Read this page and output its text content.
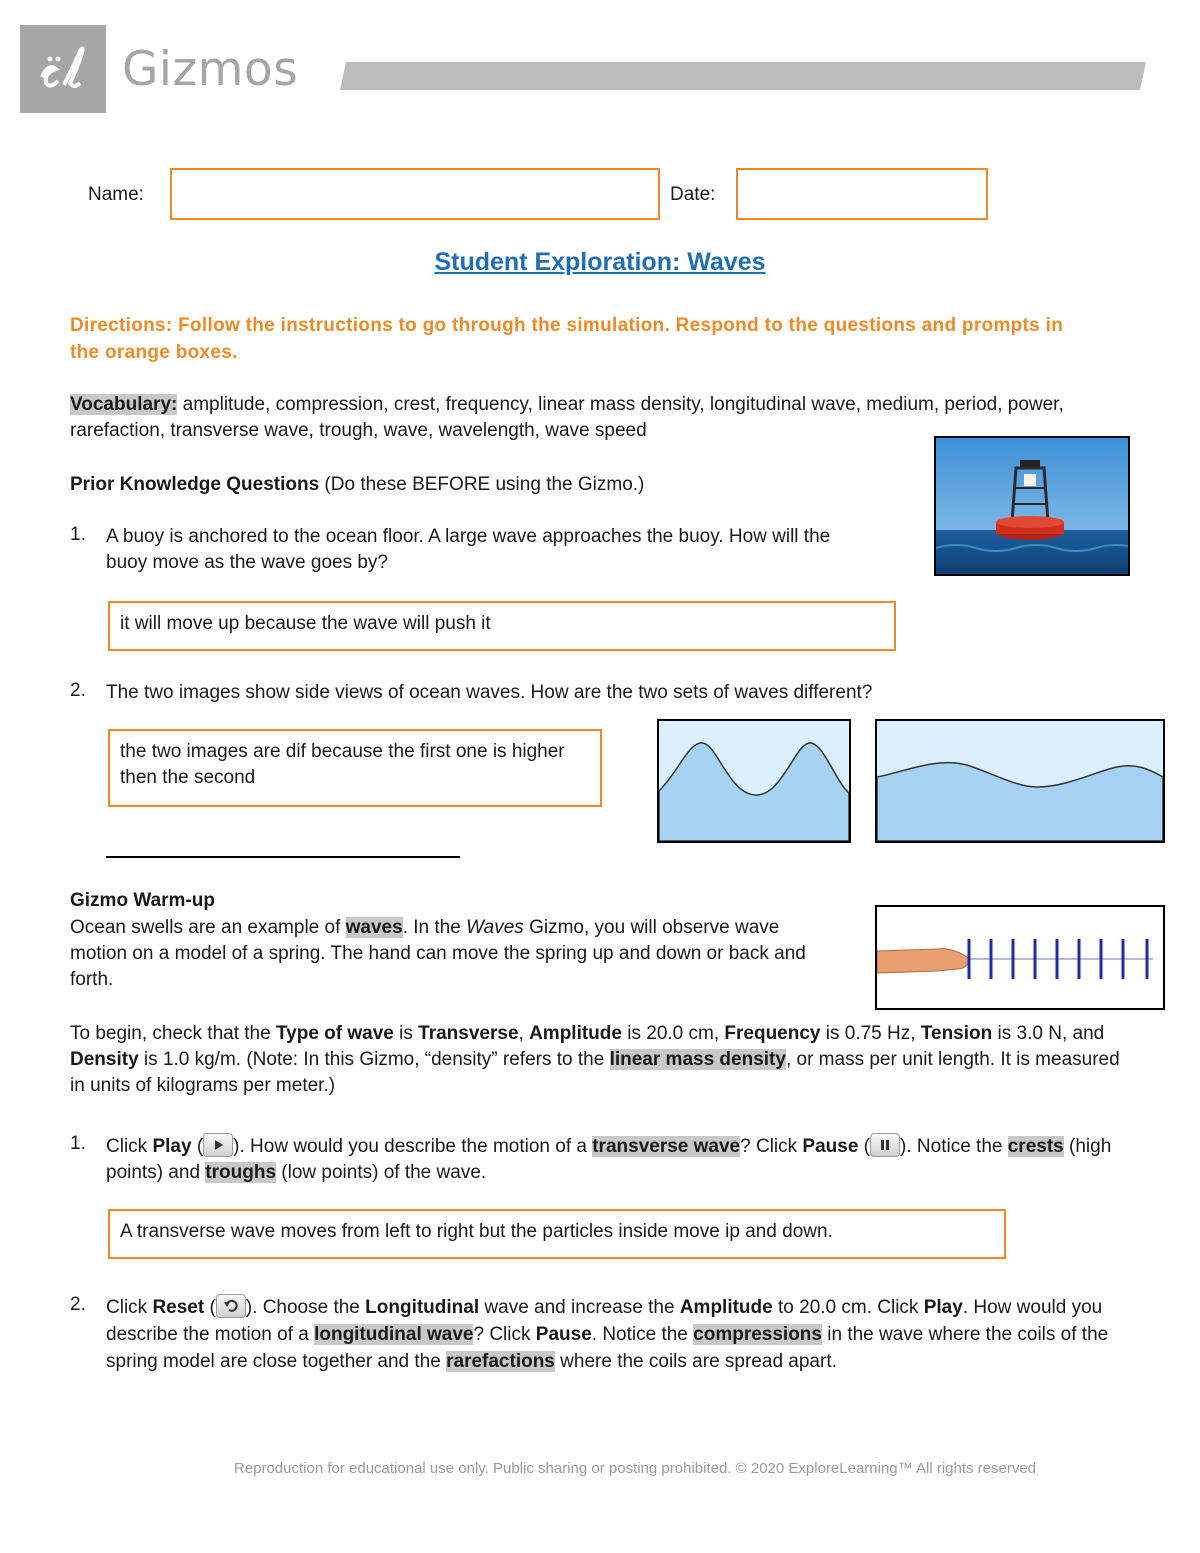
Gizmos
Name:	Date:
Student Exploration: Waves
Directions: Follow the instructions to go through the simulation. Respond to the questions and prompts in the orange boxes.
Vocabulary: amplitude, compression, crest, frequency, linear mass density, longitudinal wave, medium, period, power, rarefaction, transverse wave, trough, wave, wavelength, wave speed
Prior Knowledge Questions (Do these BEFORE using the Gizmo.)
1. A buoy is anchored to the ocean floor. A large wave approaches the buoy. How will the buoy move as the wave goes by?
it will move up because the wave will push it
2. The two images show side views of ocean waves. How are the two sets of waves different?
the two images are dif because the first one is higher then the second
Gizmo Warm-up
Ocean swells are an example of waves. In the Waves Gizmo, you will observe wave motion on a model of a spring. The hand can move the spring up and down or back and forth.
To begin, check that the Type of wave is Transverse, Amplitude is 20.0 cm, Frequency is 0.75 Hz, Tension is 3.0 N, and Density is 1.0 kg/m. (Note: In this Gizmo, “density” refers to the linear mass density, or mass per unit length. It is measured in units of kilograms per meter.)
1. Click Play ( ). How would you describe the motion of a transverse wave? Click Pause ( ). Notice the crests (high points) and troughs (low points) of the wave.
A transverse wave moves from left to right but the particles inside move ip and down.
2. Click Reset ( ). Choose the Longitudinal wave and increase the Amplitude to 20.0 cm. Click Play. How would you describe the motion of a longitudinal wave? Click Pause. Notice the compressions in the wave where the coils of the spring model are close together and the rarefactions where the coils are spread apart.
Reproduction for educational use only. Public sharing or posting prohibited. © 2020 ExploreLearning™ All rights reserved
